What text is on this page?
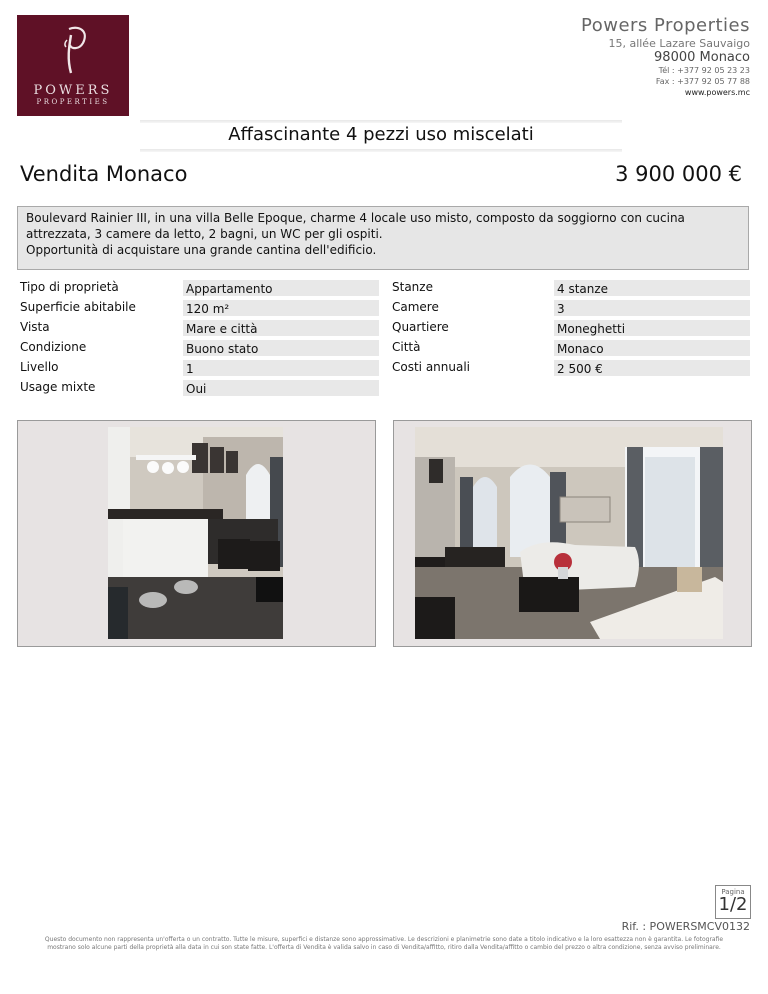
POWERS
PROPERTIES
Powers Properties
15, allée Lazare Sauvaigo
98000 Monaco
Tél : +377 92 05 23 23
Fax : +377 92 05 77 88
www.powers.mc
Affascinante 4 pezzi uso miscelati
Vendita Monaco	3 900 000 €
Boulevard Rainier III, in una villa Belle Epoque, charme 4 locale uso misto, composto da soggiorno con cucina
attrezzata, 3 camere da letto, 2 bagni, un WC per gli ospiti.
Opportunità di acquistare una grande cantina dell'edificio.
Tipo di proprietà	Appartamento
Superficie abitabile	120 m²
Vista	Mare e città
Condizione	Buono stato
Livello	1
Usage mixte	Oui
Stanze	4 stanze
Camere	3
Quartiere	Moneghetti
Città	Monaco
Costi annuali	2 500 €
Pagina
1/2
Rif. : POWERSMCV0132
Questo documento non rappresenta un'offerta o un contratto. Tutte le misure, superfici e distanze sono approssimative. Le descrizioni e planimetrie sono date a titolo indicativo e la loro esattezza non è garantita. Le fotografie
mostrano solo alcune parti della proprietà alla data in cui son state fatte. L'offerta di Vendita è valida salvo in caso di Vendita/affitto, ritiro dalla Vendita/affitto o cambio del prezzo o altra condizione, senza avviso preliminare.
